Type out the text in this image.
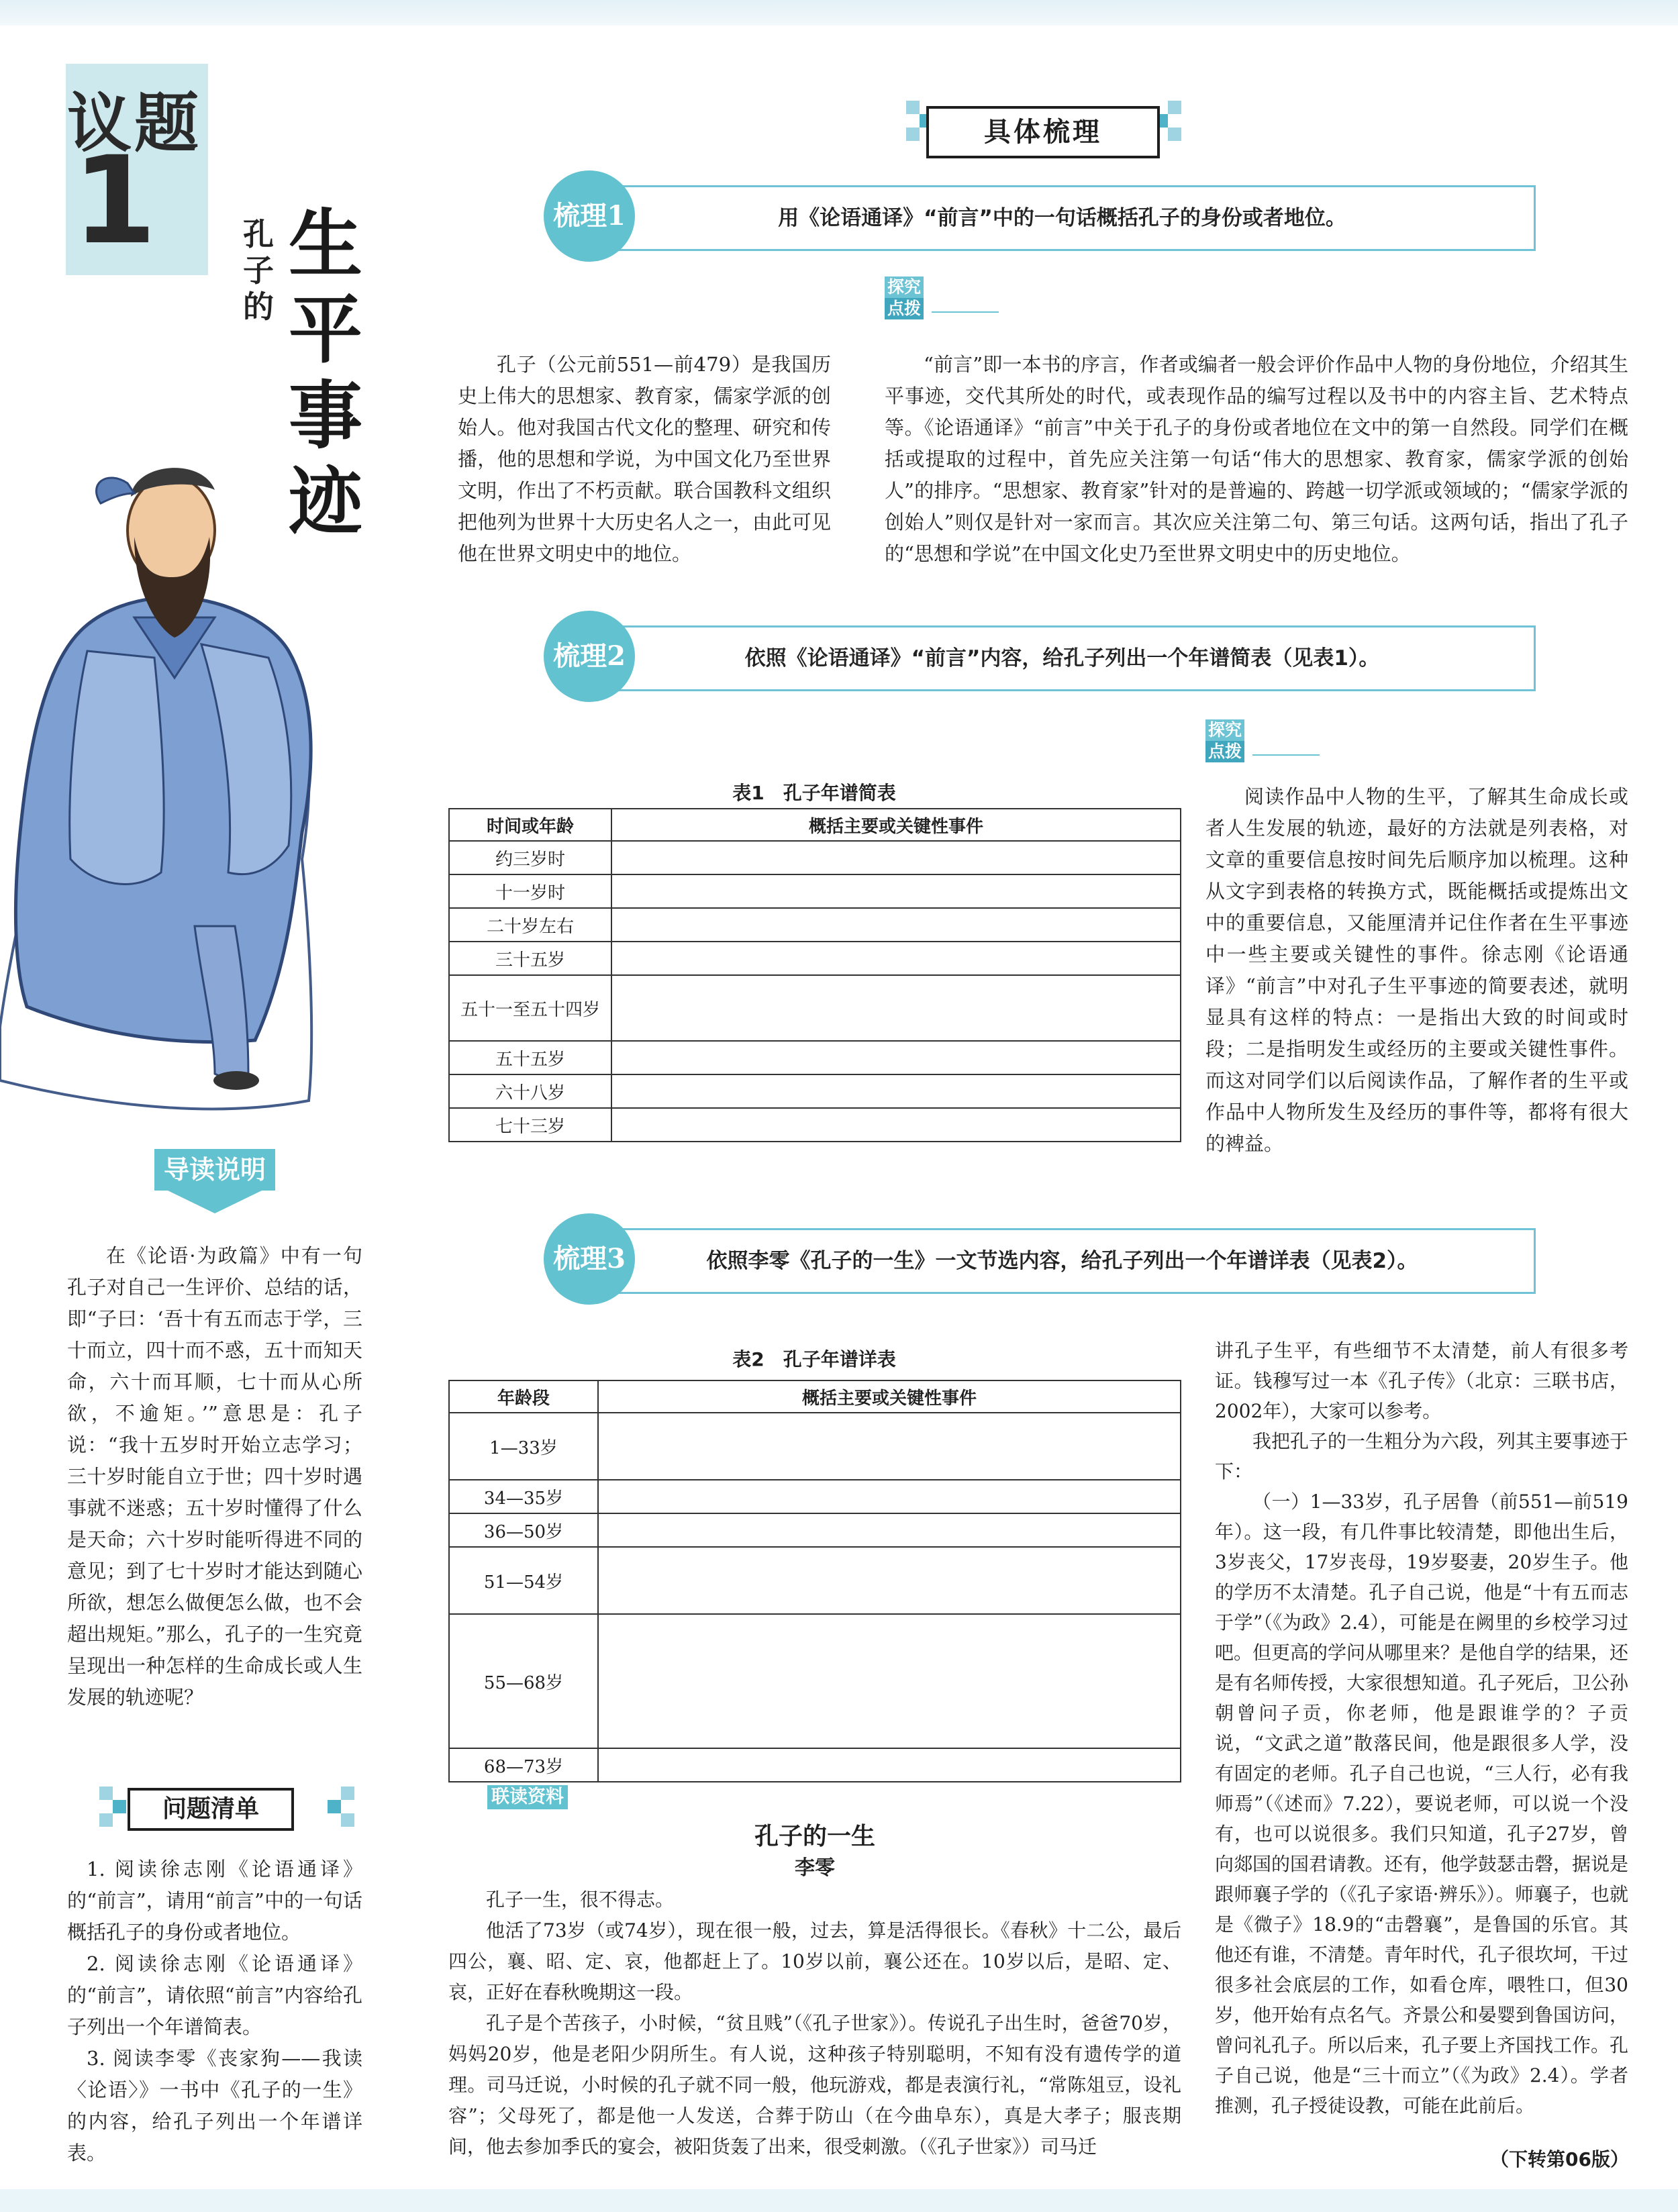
议题
1	孔
子
的
生
平
事
迹
导读说明

在《论语·为政篇》中有一句孔子对自己一生评价、总结的话，即“子曰：‘吾十有五而志于学，三十而立，四十而不惑，五十而知天命，六十而耳顺，七十而从心所欲，不逾矩。’”意思是：孔子说：“我十五岁时开始立志学习；三十岁时能自立于世；四十岁时遇事就不迷惑；五十岁时懂得了什么是天命；六十岁时能听得进不同的意见；到了七十岁时才能达到随心所欲，想怎么做便怎么做，也不会超出规矩。”那么，孔子的一生究竟呈现出一种怎样的生命成长或人生发展的轨迹呢？

问题清单

1. 阅读徐志刚《论语通译》的“前言”，请用“前言”中的一句话概括孔子的身份或者地位。

2. 阅读徐志刚《论语通译》的“前言”，请依照“前言”内容给孔子列出一个年谱简表。

3. 阅读李零《丧家狗——我读〈论语〉》一书中《孔子的一生》的内容，给孔子列出一个年谱详表。

具体梳理
用《论语通译》“前言”中的一句话概括孔子的身份或者地位。
梳理1
探究
点拨

孔子（公元前551—前479）是我国历史上伟大的思想家、教育家，儒家学派的创始人。他对我国古代文化的整理、研究和传播，他的思想和学说，为中国文化乃至世界文明，作出了不朽贡献。联合国教科文组织把他列为世界十大历史名人之一，由此可见他在世界文明史中的地位。

“前言”即一本书的序言，作者或编者一般会评价作品中人物的身份地位，介绍其生平事迹，交代其所处的时代，或表现作品的编写过程以及书中的内容主旨、艺术特点等。《论语通译》“前言”中关于孔子的身份或者地位在文中的第一自然段。同学们在概括或提取的过程中，首先应关注第一句话“伟大的思想家、教育家，儒家学派的创始人”的排序。“思想家、教育家”针对的是普遍的、跨越一切学派或领域的；“儒家学派的创始人”则仅是针对一家而言。其次应关注第二句、第三句话。这两句话，指出了孔子的“思想和学说”在中国文化史乃至世界文明史中的历史地位。

依照《论语通译》“前言”内容，给孔子列出一个年谱简表（见表1）。
梳理2
表1　孔子年谱简表
时间或年龄	概括主要或关键性事件
约三岁时	
十一岁时	
二十岁左右	
三十五岁	
五十一至五十四岁	
五十五岁	
六十八岁	
七十三岁	
探究
点拨

阅读作品中人物的生平，了解其生命成长或者人生发展的轨迹，最好的方法就是列表格，对文章的重要信息按时间先后顺序加以梳理。这种从文字到表格的转换方式，既能概括或提炼出文中的重要信息，又能厘清并记住作者在生平事迹中一些主要或关键性的事件。徐志刚《论语通译》“前言”中对孔子生平事迹的简要表述，就明显具有这样的特点：一是指出大致的时间或时段；二是指明发生或经历的主要或关键性事件。而这对同学们以后阅读作品，了解作者的生平或作品中人物所发生及经历的事件等，都将有很大的裨益。

依照李零《孔子的一生》一文节选内容，给孔子列出一个年谱详表（见表2）。
梳理3
表2　孔子年谱详表
年龄段	概括主要或关键性事件
1—33岁	
34—35岁	
36—50岁	
51—54岁	
55—68岁	
68—73岁	
联读资料
孔子的一生
李零

孔子一生，很不得志。

他活了73岁（或74岁），现在很一般，过去，算是活得很长。《春秋》十二公，最后四公，襄、昭、定、哀，他都赶上了。10岁以前，襄公还在。10岁以后，是昭、定、哀，正好在春秋晚期这一段。

孔子是个苦孩子，小时候，“贫且贱”（《孔子世家》）。传说孔子出生时，爸爸70岁，妈妈20岁，他是老阳少阴所生。有人说，这种孩子特别聪明，不知有没有遗传学的道理。司马迁说，小时候的孔子就不同一般，他玩游戏，都是表演行礼，“常陈俎豆，设礼容”；父母死了，都是他一人发送，合葬于防山（在今曲阜东），真是大孝子；服丧期间，他去参加季氏的宴会，被阳货轰了出来，很受刺激。（《孔子世家》）司马迁

讲孔子生平，有些细节不太清楚，前人有很多考证。钱穆写过一本《孔子传》（北京：三联书店，2002年），大家可以参考。

我把孔子的一生粗分为六段，列其主要事迹于下：

（一）1—33岁，孔子居鲁（前551—前519年）。这一段，有几件事比较清楚，即他出生后，3岁丧父，17岁丧母，19岁娶妻，20岁生子。他的学历不太清楚。孔子自己说，他是“十有五而志于学”（《为政》2.4），可能是在阙里的乡校学习过吧。但更高的学问从哪里来？是他自学的结果，还是有名师传授，大家很想知道。孔子死后，卫公孙朝曾问子贡，你老师，他是跟谁学的？子贡说，“文武之道”散落民间，他是跟很多人学，没有固定的老师。孔子自己也说，“三人行，必有我师焉”（《述而》7.22），要说老师，可以说一个没有，也可以说很多。我们只知道，孔子27岁，曾向郯国的国君请教。还有，他学鼓瑟击磬，据说是跟师襄子学的（《孔子家语·辨乐》）。师襄子，也就是《微子》18.9的“击磬襄”，是鲁国的乐官。其他还有谁，不清楚。青年时代，孔子很坎坷，干过很多社会底层的工作，如看仓库，喂牲口，但30岁，他开始有点名气。齐景公和晏婴到鲁国访问，曾问礼孔子。所以后来，孔子要上齐国找工作。孔子自己说，他是“三十而立”（《为政》2.4）。学者推测，孔子授徒设教，可能在此前后。

（下转第06版）
